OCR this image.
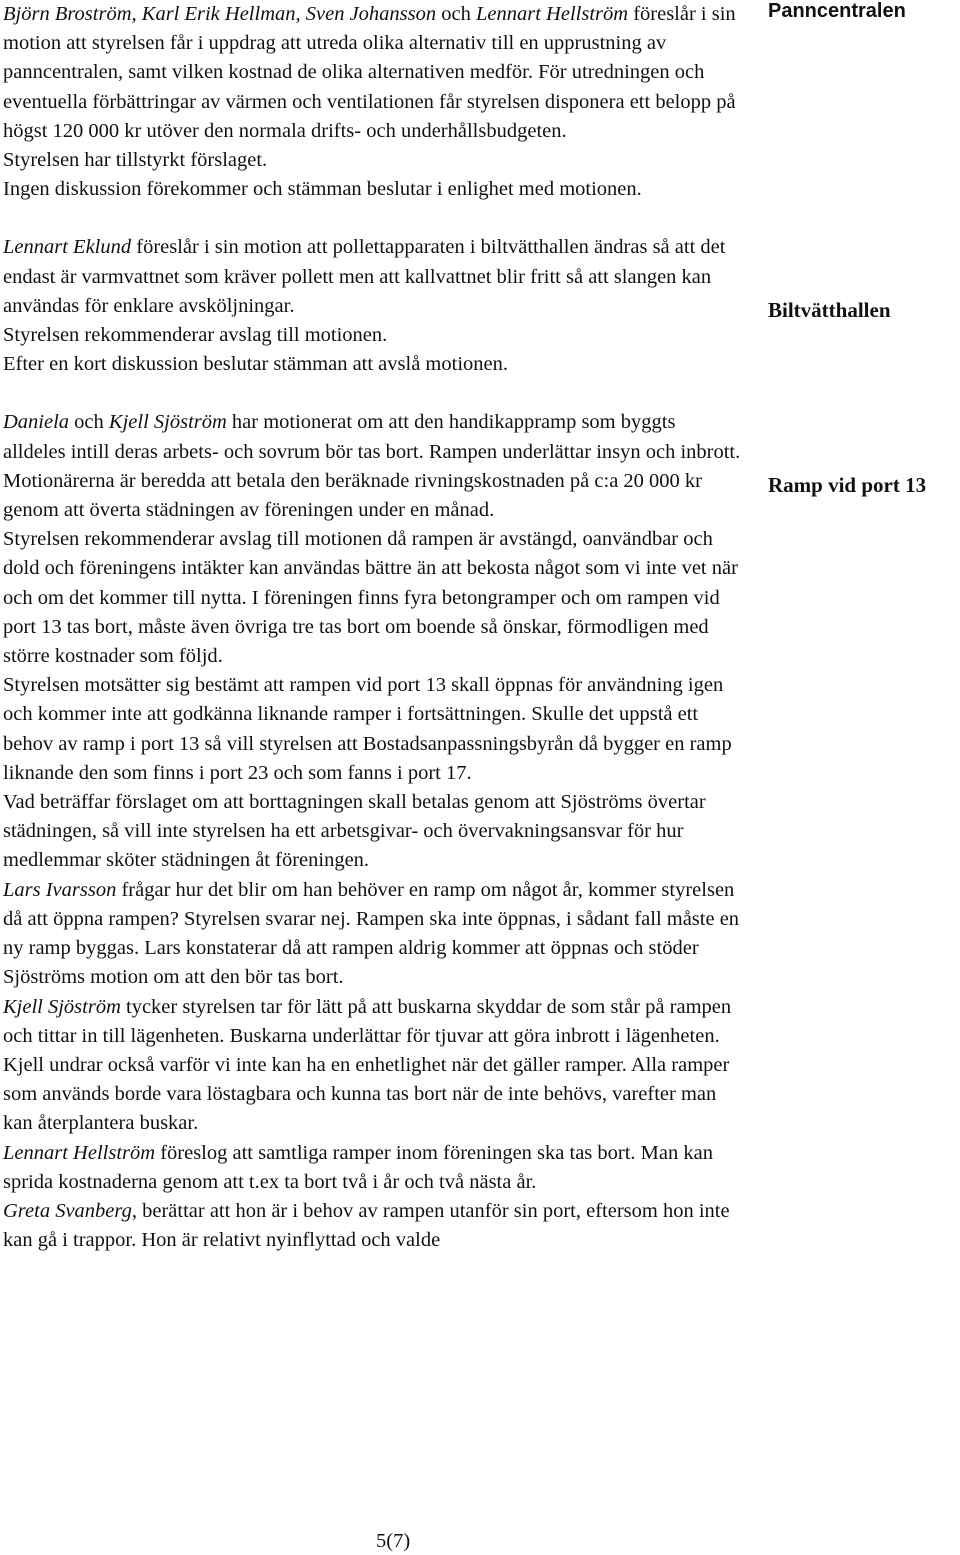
Björn Broström, Karl Erik Hellman, Sven Johansson och Lennart Hellström föreslår i sin motion att styrelsen får i uppdrag att utreda olika alternativ till en upprustning av panncentralen, samt vilken kostnad de olika alternativen medför. För utredningen och eventuella förbättringar av värmen och ventilationen får styrelsen disponera ett belopp på högst 120 000 kr utöver den normala drifts- och underhållsbudgeten.

Styrelsen har tillstyrkt förslaget.

Ingen diskussion förekommer och stämman beslutar i enlighet med motionen.

Lennart Eklund föreslår i sin motion att pollettapparaten i biltvätthallen ändras så att det endast är varmvattnet som kräver pollett men att kallvattnet blir fritt så att slangen kan användas för enklare avsköljningar.

Styrelsen rekommenderar avslag till motionen.

Efter en kort diskussion beslutar stämman att avslå motionen.

Daniela och Kjell Sjöström har motionerat om att den handikappramp som byggts alldeles intill deras arbets- och sovrum bör tas bort. Rampen underlättar insyn och inbrott. Motionärerna är beredda att betala den beräknade rivningskostnaden på c:a 20 000 kr genom att överta städningen av föreningen under en månad.

Styrelsen rekommenderar avslag till motionen då rampen är avstängd, oanvändbar och dold och föreningens intäkter kan användas bättre än att bekosta något som vi inte vet när och om det kommer till nytta. I föreningen finns fyra betongramper och om rampen vid port 13 tas bort, måste även övriga tre tas bort om boende så önskar, förmodligen med större kostnader som följd.

Styrelsen motsätter sig bestämt att rampen vid port 13 skall öppnas för användning igen och kommer inte att godkänna liknande ramper i fortsättningen. Skulle det uppstå ett behov av ramp i port 13 så vill styrelsen att Bostadsanpassningsbyrån då bygger en ramp liknande den som finns i port 23 och som fanns i port 17.

Vad beträffar förslaget om att borttagningen skall betalas genom att Sjöströms övertar städningen, så vill inte styrelsen ha ett arbetsgivar- och övervakningsansvar för hur medlemmar sköter städningen åt föreningen.

Lars Ivarsson frågar hur det blir om han behöver en ramp om något år, kommer styrelsen då att öppna rampen? Styrelsen svarar nej. Rampen ska inte öppnas, i sådant fall måste en ny ramp byggas. Lars konstaterar då att rampen aldrig kommer att öppnas och stöder Sjöströms motion om att den bör tas bort.

Kjell Sjöström tycker styrelsen tar för lätt på att buskarna skyddar de som står på rampen och tittar in till lägenheten. Buskarna underlättar för tjuvar att göra inbrott i lägenheten. Kjell undrar också varför vi inte kan ha en enhetlighet när det gäller ramper. Alla ramper som används borde vara löstagbara och kunna tas bort när de inte behövs, varefter man kan återplantera buskar.

Lennart Hellström föreslog att samtliga ramper inom föreningen ska tas bort. Man kan sprida kostnaderna genom att t.ex ta bort två i år och två nästa år.

Greta Svanberg, berättar att hon är i behov av rampen utanför sin port, eftersom hon inte kan gå i trappor. Hon är relativt nyinflyttad och valde

Panncentralen
Biltvätthallen
Ramp vid port 13
5(7)
